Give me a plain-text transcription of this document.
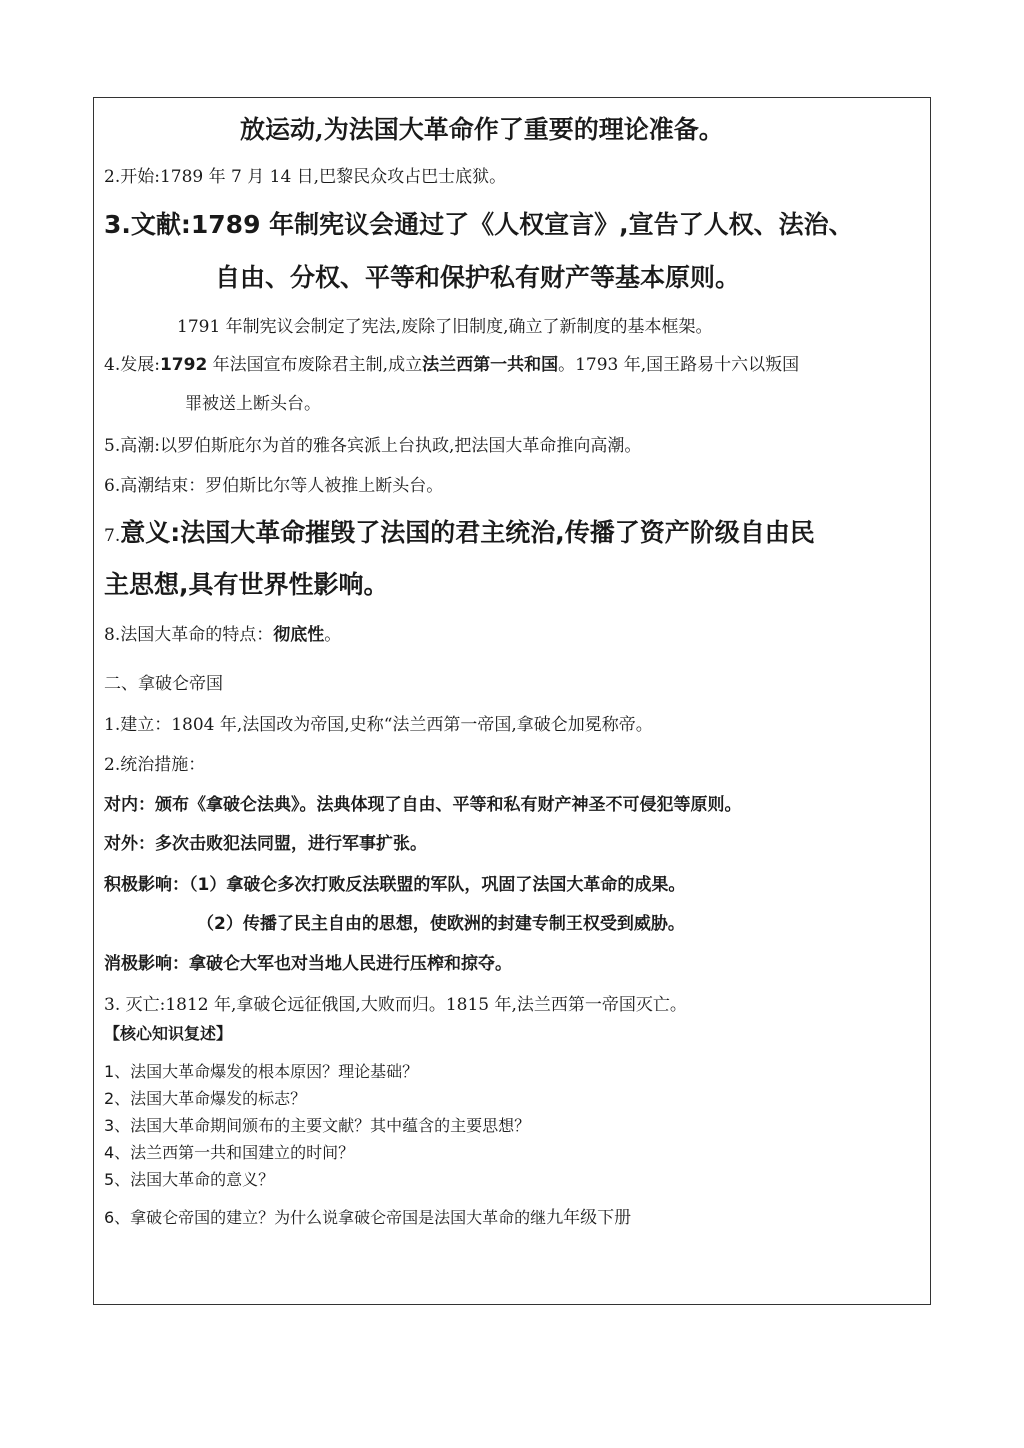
放运动,为法国大革命作了重要的理论准备。
2.开始:1789 年 7 月 14 日,巴黎民众攻占巴士底狱。
3.文献:1789 年制宪议会通过了《人权宣言》,宣告了人权、法治、
自由、分权、平等和保护私有财产等基本原则。
1791 年制宪议会制定了宪法,废除了旧制度,确立了新制度的基本框架。
4.发展:1792 年法国宣布废除君主制,成立法兰西第一共和国。1793 年,国王路易十六以叛国
罪被送上断头台。
5.高潮:以罗伯斯庇尔为首的雅各宾派上台执政,把法国大革命推向高潮。
6.高潮结束：罗伯斯比尔等人被推上断头台。
7.意义:法国大革命摧毁了法国的君主统治,传播了资产阶级自由民
主思想,具有世界性影响。
8.法国大革命的特点：彻底性。
二、拿破仑帝国
1.建立：1804 年,法国改为帝国,史称“法兰西第一帝国,拿破仑加冕称帝。
2.统治措施：
对内：颁布《拿破仑法典》。法典体现了自由、平等和私有财产神圣不可侵犯等原则。
对外：多次击败犯法同盟，进行军事扩张。
积极影响：（1）拿破仑多次打败反法联盟的军队，巩固了法国大革命的成果。
（2）传播了民主自由的思想，使欧洲的封建专制王权受到威胁。
消极影响：拿破仑大军也对当地人民进行压榨和掠夺。
3. 灭亡:1812 年,拿破仑远征俄国,大败而归。1815 年,法兰西第一帝国灭亡。
【核心知识复述】
1、法国大革命爆发的根本原因？理论基础？
2、法国大革命爆发的标志？
3、法国大革命期间颁布的主要文献？其中蕴含的主要思想？
4、法兰西第一共和国建立的时间？
5、法国大革命的意义？
6、拿破仑帝国的建立？为什么说拿破仑帝国是法国大革命的继九年级下册
